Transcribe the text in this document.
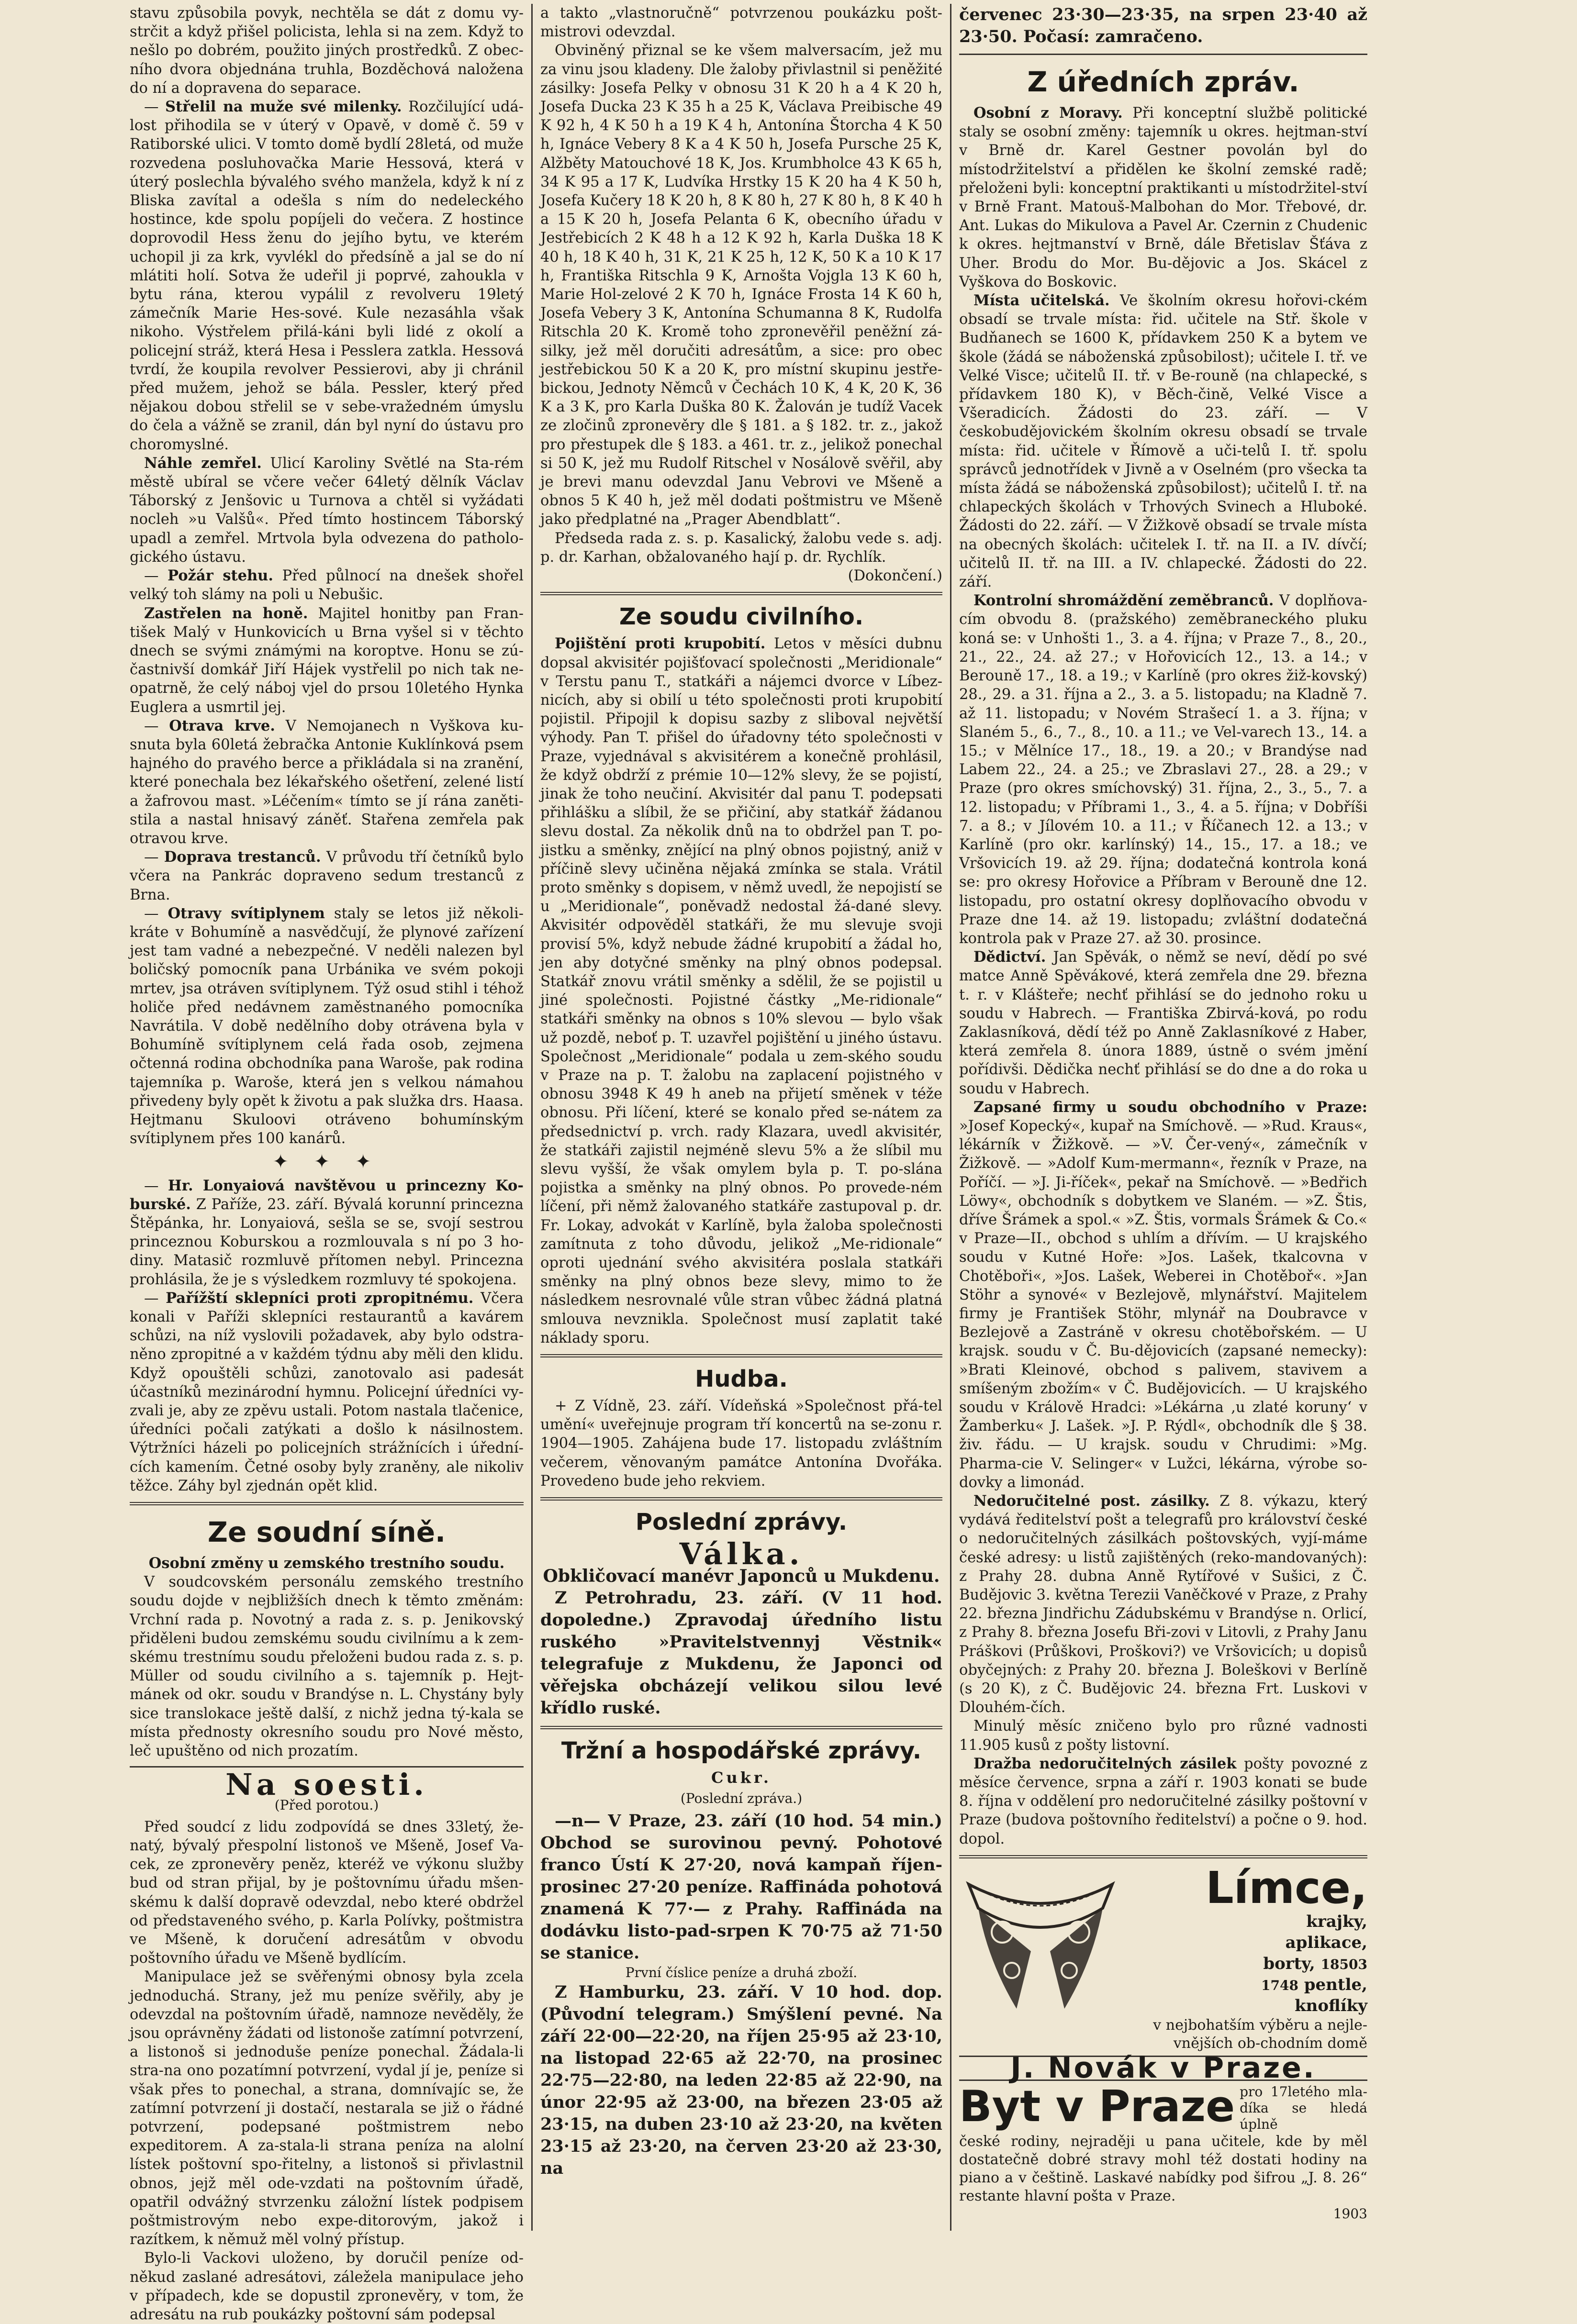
stavu způsobila povyk, nechtěla se dát z domu vy-strčit a když přišel policista, lehla si na zem. Když to nešlo po dobrém, použito jiných prostředků. Z obec-ního dvora objednána truhla, Bozděchová naložena do ní a dopravena do separace.

— Střelil na muže své milenky. Rozčilující udá-lost přihodila se v úterý v Opavě, v domě č. 59 v Ratiborské ulici. V tomto domě bydlí 28letá, od muže rozvedena posluhovačka Marie Hessová, která v úterý poslechla bývalého svého manžela, když k ní z Bliska zavítal a odešla s ním do nedeleckého hostince, kde spolu popíjeli do večera. Z hostince doprovodil Hess ženu do jejího bytu, ve kterém uchopil ji za krk, vyvlékl do předsíně a jal se do ní mlátiti holí. Sotva že udeřil ji poprvé, zahoukla v bytu rána, kterou vypálil z revolveru 19letý zámečník Marie Hes-sové. Kule nezasáhla však nikoho. Výstřelem přilá-káni byli lidé z okolí a policejní stráž, která Hesa i Pesslera zatkla. Hessová tvrdí, že koupila revolver Pessierovi, aby ji chránil před mužem, jehož se bála. Pessler, který před nějakou dobou střelil se v sebe-vražedném úmyslu do čela a vážně se zranil, dán byl nyní do ústavu pro choromyslné.

Náhle zemřel. Ulicí Karoliny Světlé na Sta-rém městě ubíral se včere večer 64letý dělník Václav Táborský z Jenšovic u Turnova a chtěl si vyžádati nocleh »u Valšů«. Před tímto hostincem Táborský upadl a zemřel. Mrtvola byla odvezena do patholo-gického ústavu.

— Požár stehu. Před půlnocí na dnešek shořel velký toh slámy na poli u Nebušic.

Zastřelen na honě. Majitel honitby pan Fran-tišek Malý v Hunkovicích u Brna vyšel si v těchto dnech se svými známými na koroptve. Honu se zú-častnivší domkář Jiří Hájek vystřelil po nich tak ne-opatrně, že celý náboj vjel do prsou 10letého Hynka Euglera a usmrtil jej.

— Otrava krve. V Nemojanech n Vyškova ku-snuta byla 60letá žebračka Antonie Kuklínková psem hajného do pravého berce a přikládala si na zranění, které ponechala bez lékařského ošetření, zelené listí a žafrovou mast. »Léčením« tímto se jí rána zaněti-stila a nastal hnisavý záněť. Stařena zemřela pak otravou krve.

— Doprava trestanců. V průvodu tří četníků bylo včera na Pankrác dopraveno sedum trestanců z Brna.

— Otravy svítiplynem staly se letos již několi-kráte v Bohumíně a nasvědčují, že plynové zařízení jest tam vadné a nebezpečné. V neděli nalezen byl boličský pomocník pana Urbánika ve svém pokoji mrtev, jsa otráven svítiplynem. Týž osud stihl i téhož holiče před nedávnem zaměstnaného pomocníka Navrátila. V době nedělního doby otrávena byla v Bohumíně svítiplynem celá řada osob, zejmena očtenná rodina obchodníka pana Waroše, pak rodina tajemníka p. Waroše, která jen s velkou námahou přivedeny byly opět k životu a pak služka drs. Haasa. Hejtmanu Skuloovi otráveno bohumínským svítiplynem přes 100 kanárů.

✦ ✦ ✦

— Hr. Lonyaiová navštěvou u princezny Ko-burské. Z Paříže, 23. září. Bývalá korunní princezna Štěpánka, hr. Lonyaiová, sešla se se, svojí sestrou princeznou Koburskou a rozmlouvala s ní po 3 ho-diny. Matasič rozmluvě přítomen nebyl. Princezna prohlásila, že je s výsledkem rozmluvy té spokojena.

— Pařížští sklepníci proti zpropitnému. Včera konali v Paříži sklepníci restaurantů a kavárem schůzi, na níž vyslovili požadavek, aby bylo odstra-něno zpropitné a v každém týdnu aby měli den klidu. Když opouštěli schůzi, zanotovalo asi padesát účastníků mezinárodní hymnu. Policejní úředníci vy-zvali je, aby ze zpěvu ustali. Potom nastala tlačenice, úředníci počali zatýkati a došlo k násilnostem. Výtržníci házeli po policejních strážnících i úřední-cích kamením. Četné osoby byly zraněny, ale nikoliv těžce. Záhy byl zjednán opět klid.

Ze soudní síně.

Osobní změny u zemského trestního soudu.

V soudcovském personálu zemského trestního soudu dojde v nejbližších dnech k těmto změnám: Vrchní rada p. Novotný a rada z. s. p. Jenikovský přiděleni budou zemskému soudu civilnímu a k zem-skému trestnímu soudu přeloženi budou rada z. s. p. Müller od soudu civilního a s. tajemník p. Hejt-mánek od okr. soudu v Brandýse n. L. Chystány byly sice translokace ještě další, z nichž jedna tý-kala se místa přednosty okresního soudu pro Nové město, leč upuštěno od nich prozatím.

Na soesti.
(Před porotou.)

Před soudcí z lidu zodpovídá se dnes 33letý, že-natý, bývalý přespolní listonoš ve Mšeně, Josef Va-cek, ze zpronevěry peněz, kteréž ve výkonu služby bud od stran přijal, by je poštovnímu úřadu mšen-skému k další dopravě odevzdal, nebo které obdržel od představeného svého, p. Karla Polívky, poštmistra ve Mšeně, k doručení adresátům v obvodu poštovního úřadu ve Mšeně bydlícím.

Manipulace jež se svěřenými obnosy byla zcela jednoduchá. Strany, jež mu peníze svěřily, aby je odevzdal na poštovním úřadě, namnoze nevěděly, že jsou oprávněny žádati od listonoše zatímní potvrzení, a listonoš si jednoduše peníze ponechal. Žádala-li stra-na ono pozatímní potvrzení, vydal jí je, peníze si však přes to ponechal, a strana, domnívajíc se, že zatímní potvrzení ji dostačí, nestarala se již o řádné potvrzení, podepsané poštmistrem nebo expeditorem. A za-stala-li strana peníza na alolní lístek poštovní spo-řitelny, a listonoš si přivlastnil obnos, jejž měl ode-vzdati na poštovním úřadě, opatřil odvážný stvrzenku záložní lístek podpisem poštmistrovým nebo expe-ditorovým, jakož i razítkem, k němuž měl volný přístup.

Bylo-li Vackovi uloženo, by doručil peníze od-někud zaslané adresátovi, záležela manipulace jeho v případech, kde se dopustil zpronevěry, v tom, že adresátu na rub poukázky poštovní sám podepsal

a takto „vlastnoručně“ potvrzenou poukázku pošt-mistrovi odevzdal.

Obviněný přiznal se ke všem malversacím, jež mu za vinu jsou kladeny. Dle žaloby přivlastnil si peněžité zásilky: Josefa Pelky v obnosu 31 K 20 h a 4 K 20 h, Josefa Ducka 23 K 35 h a 25 K, Václava Preibische 49 K 92 h, 4 K 50 h a 19 K 4 h, Antonína Štorcha 4 K 50 h, Ignáce Vebery 8 K a 4 K 50 h, Josefa Pursche 25 K, Alžběty Matouchové 18 K, Jos. Krumbholce 43 K 65 h, 34 K 95 a 17 K, Ludvíka Hrstky 15 K 20 ha 4 K 50 h, Josefa Kučery 18 K 20 h, 8 K 80 h, 27 K 80 h, 8 K 40 h a 15 K 20 h, Josefa Pelanta 6 K, obecního úřadu v Jestřebicích 2 K 48 h a 12 K 92 h, Karla Duška 18 K 40 h, 18 K 40 h, 31 K, 21 K 25 h, 12 K, 50 K a 10 K 17 h, Františka Ritschla 9 K, Arnošta Vojgla 13 K 60 h, Marie Hol-zelové 2 K 70 h, Ignáce Frosta 14 K 60 h, Josefa Vebery 3 K, Antonína Schumanna 8 K, Rudolfa Ritschla 20 K. Kromě toho zpronevěřil peněžní zá-silky, jež měl doručiti adresátům, a sice: pro obec jestřebickou 50 K a 20 K, pro místní skupinu jestře-bickou, Jednoty Němců v Čechách 10 K, 4 K, 20 K, 36 K a 3 K, pro Karla Duška 80 K. Žalován je tudíž Vacek ze zločinů zpronevěry dle § 181. a § 182. tr. z., jakož pro přestupek dle § 183. a 461. tr. z., jelikož ponechal si 50 K, jež mu Rudolf Ritschel v Nosálově svěřil, aby je brevi manu odevzdal Janu Vebrovi ve Mšeně a obnos 5 K 40 h, jež měl dodati poštmistru ve Mšeně jako předplatné na „Prager Abendblatt“.

Předseda rada z. s. p. Kasalický, žalobu vede s. adj. p. dr. Karhan, obžalovaného hají p. dr. Rychlík.

(Dokončení.)

Ze soudu civilního.

Pojištění proti krupobití. Letos v měsíci dubnu dopsal akvisitér pojišťovací společnosti „Meridionale“ v Terstu panu T., statkáři a nájemci dvorce v Líbez-nicích, aby si obilí u této společnosti proti krupobití pojistil. Připojil k dopisu sazby z sliboval největší výhody. Pan T. přišel do úřadovny této společnosti v Praze, vyjednával s akvisitérem a konečně prohlásil, že když obdrží z prémie 10—12% slevy, že se pojistí, jinak že toho neučiní. Akvisitér dal panu T. podepsati přihlášku a slíbil, že se přičiní, aby statkář žádanou slevu dostal. Za několik dnů na to obdržel pan T. po-jistku a směnky, znějící na plný obnos pojistný, aniž v příčině slevy učiněna nějaká zmínka se stala. Vrátil proto směnky s dopisem, v němž uvedl, že nepojistí se u „Meridionale“, poněvadž nedostal žá-dané slevy. Akvisitér odpověděl statkáři, že mu slevuje svoji provisí 5%, když nebude žádné krupobití a žádal ho, jen aby dotyčné směnky na plný obnos podepsal. Statkář znovu vrátil směnky a sdělil, že se pojistil u jiné společnosti. Pojistné částky „Me-ridionale“ statkáři směnky na obnos s 10% slevou — bylo však už pozdě, neboť p. T. uzavřel pojištění u jiného ústavu. Společnost „Meridionale“ podala u zem-ského soudu v Praze na p. T. žalobu na zaplacení pojistného v obnosu 3948 K 49 h aneb na přijetí směnek v téže obnosu. Při líčení, které se konalo před se-nátem za předsednictví p. vrch. rady Klazara, uvedl akvisitér, že statkáři zajistil nejméně slevu 5% a že slíbil mu slevu vyšší, že však omylem byla p. T. po-slána pojistka a směnky na plný obnos. Po provede-ném líčení, při němž žalovaného statkáře zastupoval p. dr. Fr. Lokay, advokát v Karlíně, byla žaloba společnosti zamítnuta z toho důvodu, jelikož „Me-ridionale“ oproti ujednání svého akvisitéra poslala statkáři směnky na plný obnos beze slevy, mimo to že následkem nesrovnalé vůle stran vůbec žádná platná smlouva nevznikla. Společnost musí zaplatit také náklady sporu.

Hudba.

+ Z Vídně, 23. září. Vídeňská »Společnost přá-tel umění« uveřejnuje program tří koncertů na se-zonu r. 1904—1905. Zahájena bude 17. listopadu zvláštním večerem, věnovaným památce Antonína Dvořáka. Provedeno bude jeho rekviem.

Poslední zprávy.
Válka.

Obkličovací manévr Japonců u Mukdenu.

Z Petrohradu, 23. září. (V 11 hod. dopoledne.) Zpravodaj úředního listu ruského »Pravitelstvennyj Věstnik« telegrafuje z Mukdenu, že Japonci od věřejska obcházejí velikou silou levé křídlo ruské.

Tržní a hospodářské zprávy.
Cukr.
(Poslední zpráva.)

—n— V Praze, 23. září (10 hod. 54 min.) Obchod se surovinou pevný. Pohotové franco Ústí K 27·20, nová kampaň říjen-prosinec 27·20 peníze. Raffináda pohotová znamená K 77·— z Prahy. Raffináda na dodávku listo-pad-srpen K 70·75 až 71·50 se stanice.

První číslice peníze a druhá zboží.

Z Hamburku, 23. září. V 10 hod. dop. (Původní telegram.) Smýšlení pevné. Na září 22·00—22·20, na říjen 25·95 až 23·10, na listopad 22·65 až 22·70, na prosinec 22·75—22·80, na leden 22·85 až 22·90, na únor 22·95 až 23·00, na březen 23·05 až 23·15, na duben 23·10 až 23·20, na květen 23·15 až 23·20, na červen 23·20 až 23·30, na

červenec 23·30—23·35, na srpen 23·40 až 23·50. Počasí: zamračeno.

Z úředních zpráv.

Osobní z Moravy. Při konceptní službě politické staly se osobní změny: tajemník u okres. hejtman-ství v Brně dr. Karel Gestner povolán byl do místodržitelství a přidělen ke školní zemské radě; přeloženi byli: konceptní praktikanti u místodržitel-ství v Brně Frant. Matouš-Malbohan do Mor. Třebové, dr. Ant. Lukas do Mikulova a Pavel Ar. Czernin z Chudenic k okres. hejtmanství v Brně, dále Břetislav Šťáva z Uher. Brodu do Mor. Bu-dějovic a Jos. Skácel z Vyškova do Boskovic.

Místa učitelská. Ve školním okresu hořovi-ckém obsadí se trvale místa: řid. učitele na Stř. škole v Budňanech se 1600 K, přídavkem 250 K a bytem ve škole (žádá se náboženská způsobilost); učitele I. tř. ve Velké Visce; učitelů II. tř. v Be-rouně (na chlapecké, s přídavkem 180 K), v Běch-čině, Velké Visce a Všeradicích. Žádosti do 23. září. — V českobudějovickém školním okresu obsadí se trvale místa: řid. učitele v Římově a uči-telů I. tř. spolu správců jednotřídek v Jivně a v Oselném (pro všecka ta místa žádá se náboženská způsobilost); učitelů I. tř. na chlapeckých školách v Trhových Svinech a Hluboké. Žádosti do 22. září. — V Žižkově obsadí se trvale místa na obecných školách: učitelek I. tř. na II. a IV. dívčí; učitelů II. tř. na III. a IV. chlapecké. Žádosti do 22. září.

Kontrolní shromáždění zeměbranců. V doplňova-cím obvodu 8. (pražského) zeměbraneckého pluku koná se: v Unhošti 1., 3. a 4. října; v Praze 7., 8., 20., 21., 22., 24. až 27.; v Hořovicích 12., 13. a 14.; v Berouně 17., 18. a 19.; v Karlíně (pro okres žiž-kovský) 28., 29. a 31. října a 2., 3. a 5. listopadu; na Kladně 7. až 11. listopadu; v Novém Strašecí 1. a 3. října; v Slaném 5., 6., 7., 8., 10. a 11.; ve Vel-varech 13., 14. a 15.; v Mělníce 17., 18., 19. a 20.; v Brandýse nad Labem 22., 24. a 25.; ve Zbraslavi 27., 28. a 29.; v Praze (pro okres smíchovský) 31. října, 2., 3., 5., 7. a 12. listopadu; v Příbrami 1., 3., 4. a 5. října; v Dobříši 7. a 8.; v Jílovém 10. a 11.; v Říčanech 12. a 13.; v Karlíně (pro okr. karlínský) 14., 15., 17. a 18.; ve Vršovicích 19. až 29. října; dodatečná kontrola koná se: pro okresy Hořovice a Příbram v Berouně dne 12. listopadu, pro ostatní okresy doplňovacího obvodu v Praze dne 14. až 19. listopadu; zvláštní dodatečná kontrola pak v Praze 27. až 30. prosince.

Dědictví. Jan Spěvák, o němž se neví, dědí po své matce Anně Spěvákové, která zemřela dne 29. března t. r. v Klášteře; nechť přihlásí se do jednoho roku u soudu v Habrech. — Františka Zbirvá-ková, po rodu Zaklasníková, dědí též po Anně Zaklasníkové z Haber, která zemřela 8. února 1889, ústně o svém jmění pořídivši. Dědička nechť přihlásí se do dne a do roka u soudu v Habrech.

Zapsané firmy u soudu obchodního v Praze: »Josef Kopecký«, kupař na Smíchově. — »Rud. Kraus«, lékárník v Žižkově. — »V. Čer-vený«, zámečník v Žižkově. — »Adolf Kum-mermann«, řezník v Praze, na Poříčí. — »J. Ji-říček«, pekař na Smíchově. — »Bedřich Löwy«, obchodník s dobytkem ve Slaném. — »Z. Štis, dříve Šrámek a spol.« »Z. Štis, vormals Šrámek & Co.« v Praze—II., obchod s uhlím a dřívím. — U krajského soudu v Kutné Hoře: »Jos. Lašek, tkalcovna v Chotěboři«, »Jos. Lašek, Weberei in Chotěboř«. »Jan Stöhr a synové« v Bezlejově, mlynářství. Majitelem firmy je František Stöhr, mlynář na Doubravce v Bezlejově a Zastráně v okresu chotěbořském. — U krajsk. soudu v Č. Bu-dějovicích (zapsané nemecky): »Brati Kleinové, obchod s palivem, stavivem a smíšeným zbožím« v Č. Budějovicích. — U krajského soudu v Králově Hradci: »Lékárna ,u zlaté koruny‘ v Žamberku« J. Lašek. »J. P. Rýdl«, obchodník dle § 38. živ. řádu. — U krajsk. soudu v Chrudimi: »Mg. Pharma-cie V. Selinger« v Lužci, lékárna, výrobe so-dovky a limonád.

Nedoručitelné post. zásilky. Z 8. výkazu, který vydává ředitelství pošt a telegrafů pro království české o nedoručitelných zásilkách poštovských, vyjí-máme české adresy: u listů zajištěných (reko-mandovaných): z Prahy 28. dubna Anně Rytířové v Sušici, z Č. Budějovic 3. května Terezii Vaněčkové v Praze, z Prahy 22. března Jindřichu Zádubskému v Brandýse n. Orlicí, z Prahy 8. března Josefu Bři-zovi v Litovli, z Prahy Janu Práškovi (Průškovi, Proškovi?) ve Vršovicích; u dopisů obyčejných: z Prahy 20. března J. Boleškovi v Berlíně (s 20 K), z Č. Budějovic 24. března Frt. Luskovi v Dlouhém-čích.

Minulý měsíc zničeno bylo pro různé vadnosti 11.905 kusů z pošty listovní.

Dražba nedoručitelných zásilek pošty povozné z měsíce července, srpna a září r. 1903 konati se bude 8. října v oddělení pro nedoručitelné zásilky poštovní v Praze (budova poštovního ředitelství) a počne o 9. hod. dopol.

Límce,
krajky,
aplikace,
borty, 18503
1748 pentle,
knoflíky
v nejbohatším výběru a nejle-vnějších ob-chodním domě
J. Novák v Praze.
Byt v Praze pro 17letého mla-díka se hledá úplně

české rodiny, nejraději u pana učitele, kde by měl dostatečně dobré stravy mohl též dostati hodiny na piano a v češtině. Laskavé nabídky pod šifrou „J. 8. 26“ restante hlavní pošta v Praze.

1903
